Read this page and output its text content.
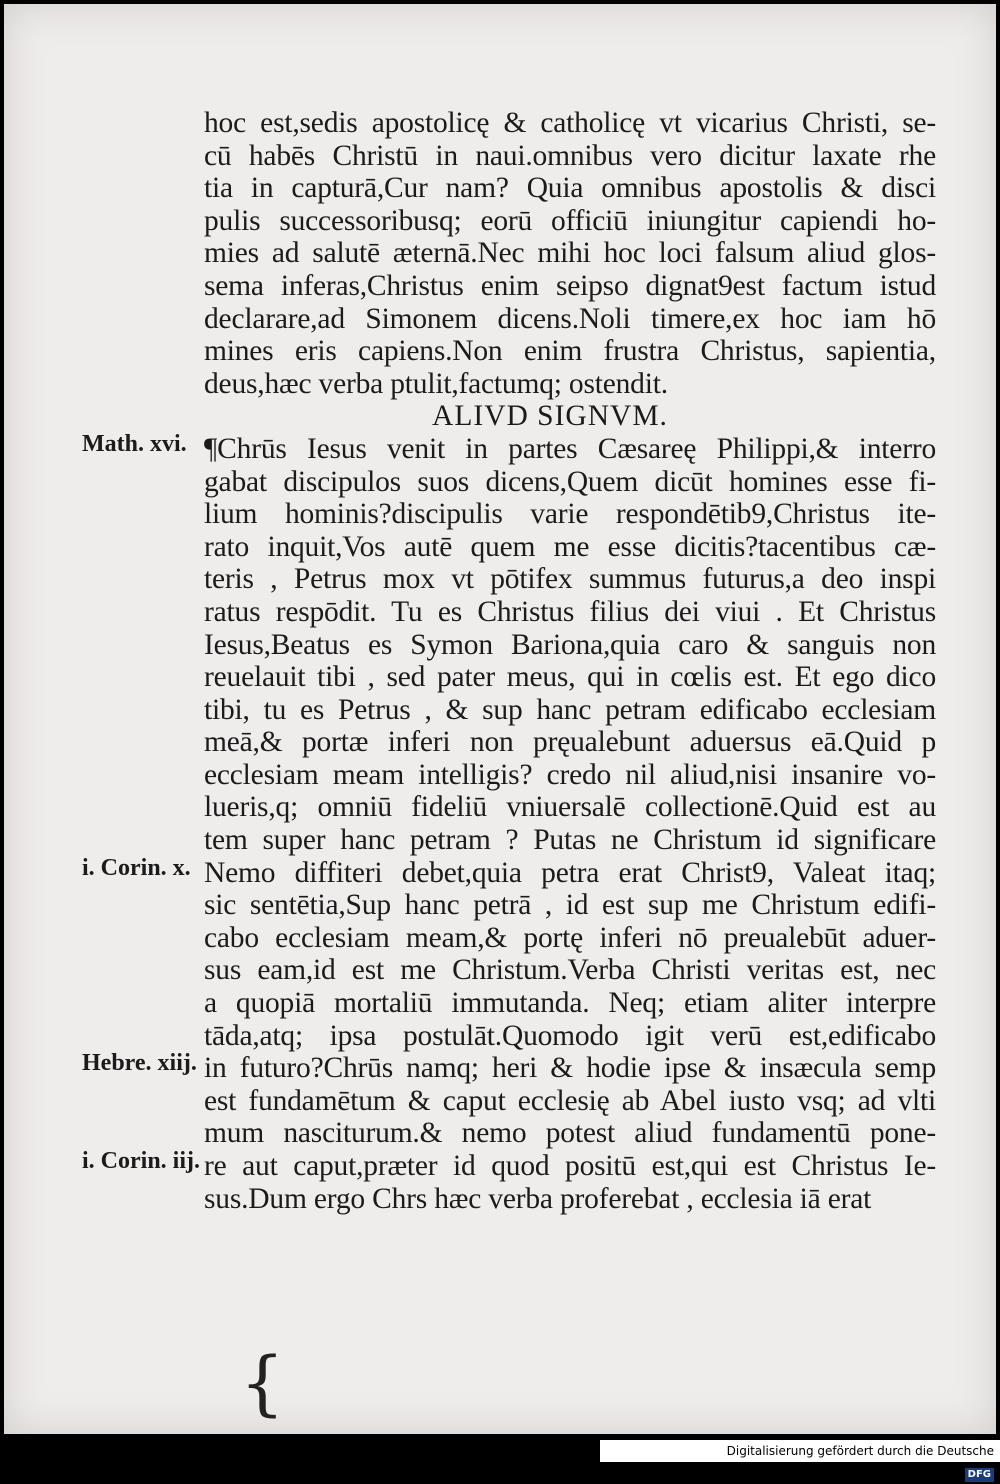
hoc est,sedis apostolicę & catholicę vt vicarius Christi, se-
cū habēs Christū in naui.omnibus vero dicitur laxate rhe
tia in capturā,Cur nam? Quia omnibus apostolis & disci
pulis successoribusq; eorū officiū iniungitur capiendi ho-
mies ad salutē æternā.Nec mihi hoc loci falsum aliud glos-
sema inferas,Christus enim seipso dignat9est factum istud
declarare,ad Simonem dicens.Noli timere,ex hoc iam hō
mines eris capiens.Non enim frustra Christus, sapientia,
deus,hæc verba ptulit,factumq; ostendit.
ALIVD SIGNVM.
¶Chrūs Iesus venit in partes Cæsareę Philippi,& interro
gabat discipulos suos dicens,Quem dicūt homines esse fi-
lium hominis?discipulis varie respondētib9,Christus ite-
rato inquit,Vos autē quem me esse dicitis?tacentibus cæ-
teris , Petrus mox vt pōtifex summus futurus,a deo inspi
ratus respōdit. Tu es Christus filius dei viui . Et Christus
Iesus,Beatus es Symon Bariona,quia caro & sanguis non
reuelauit tibi , sed pater meus, qui in cœlis est. Et ego dico
tibi, tu es Petrus , & sup hanc petram edificabo ecclesiam
meā,& portæ inferi non pręualebunt aduersus eā.Quid p
ecclesiam meam intelligis? credo nil aliud,nisi insanire vo-
lueris,q; omniū fideliū vniuersalē collectionē.Quid est au
tem super hanc petram ? Putas ne Christum id significare
Nemo diffiteri debet,quia petra erat Christ9, Valeat itaq;
sic sentētia,Sup hanc petrā , id est sup me Christum edifi-
cabo ecclesiam meam,& portę inferi nō preualebūt aduer-
sus eam,id est me Christum.Verba Christi veritas est, nec
a quopiā mortaliū immutanda. Neq; etiam aliter interpre
tāda,atq; ipsa postulāt.Quomodo igit verū est,edificabo
in futuro?Chrūs namq; heri & hodie ipse & insæcula semp
est fundamētum & caput ecclesię ab Abel iusto vsq; ad vlti
mum nasciturum.& nemo potest aliud fundamentū pone-
re aut caput,præter id quod positū est,qui est Christus Ie-
sus.Dum ergo Chrs hæc verba proferebat , ecclesia iā erat
Math. xvi.
i. Corin. x.
Hebre. xiij.
i. Corin. iij.
{
Digitalisierung gefördert durch die Deutsche Forschungsgemeinschaft - DFG
